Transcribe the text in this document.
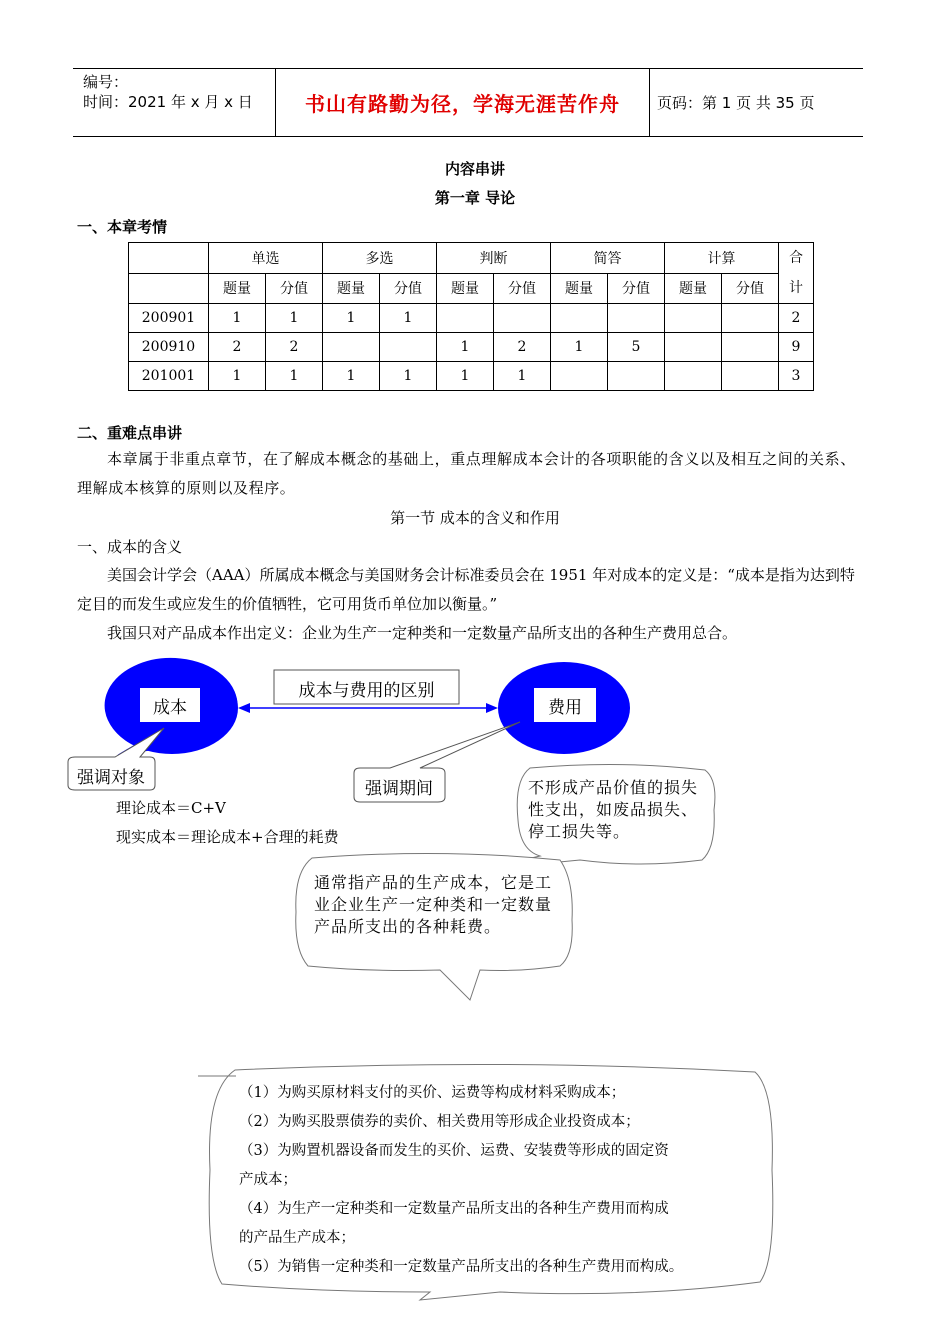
编号：
时间：2021 年 x 月 x 日	书山有路勤为径，学海无涯苦作舟 页码：第 1 页 共 35 页
内容串讲
第一章 导论
一、本章考情
	单选		多选		判断		简答		计算		合
计
	题量	分值	题量	分值	题量	分值	题量	分值	题量	分值	
200901	1	1	1	1							2
200910	2	2			1	2	1	5			9
201001	1	1	1	1	1	1					3
二、重难点串讲

本章属于非重点章节，在了解成本概念的基础上，重点理解成本会计的各项职能的含义以及相互之间的关系、理解成本核算的原则以及程序。

第一节 成本的含义和作用
一、成本的含义

美国会计学会（AAA）所属成本概念与美国财务会计标准委员会在 1951 年对成本的定义是：“成本是指为达到特定目的而发生或应发生的价值牺牲，它可用货币单位加以衡量。”

我国只对产品成本作出定义：企业为生产一定种类和一定数量产品所支出的各种生产费用总合。

成本	费用
成本与费用的区别
强调对象
强调期间	不形成产品价值的损失性支出，如废品损失、停工损失等。
通常指产品的生产成本，它是工业企业生产一定种类和一定数量产品所支出的各种耗费。
理论成本＝C+V
现实成本＝理论成本+合理的耗费
成本是为了达到特定目的所失去或放弃的资源，	分为狭义成本和广义成本，狭义成本是指商品制造过程中所发生的、以价值表现的各种耗费，也称“商品制造成本”； 广义成本是除了狭义成本之外，还包括管理生产和从事经营活动过程中所发生的各种耗费。

二、成本的作用
1.成本是补偿
2.成本是综合
3.成本是制定
（1）为购买原材料支付的买价、运费等构成材料采购成本；
（2）为购买股票债券的卖价、相关费用等形成企业投资成本；
（3）为购置机器设备而发生的买价、运费、安装费等形成的固定资
产成本；
（4）为生产一定种类和一定数量产品所支出的各种生产费用而构成
的产品生产成本；
（5）为销售一定种类和一定数量产品所支出的各种生产费用而构成。
